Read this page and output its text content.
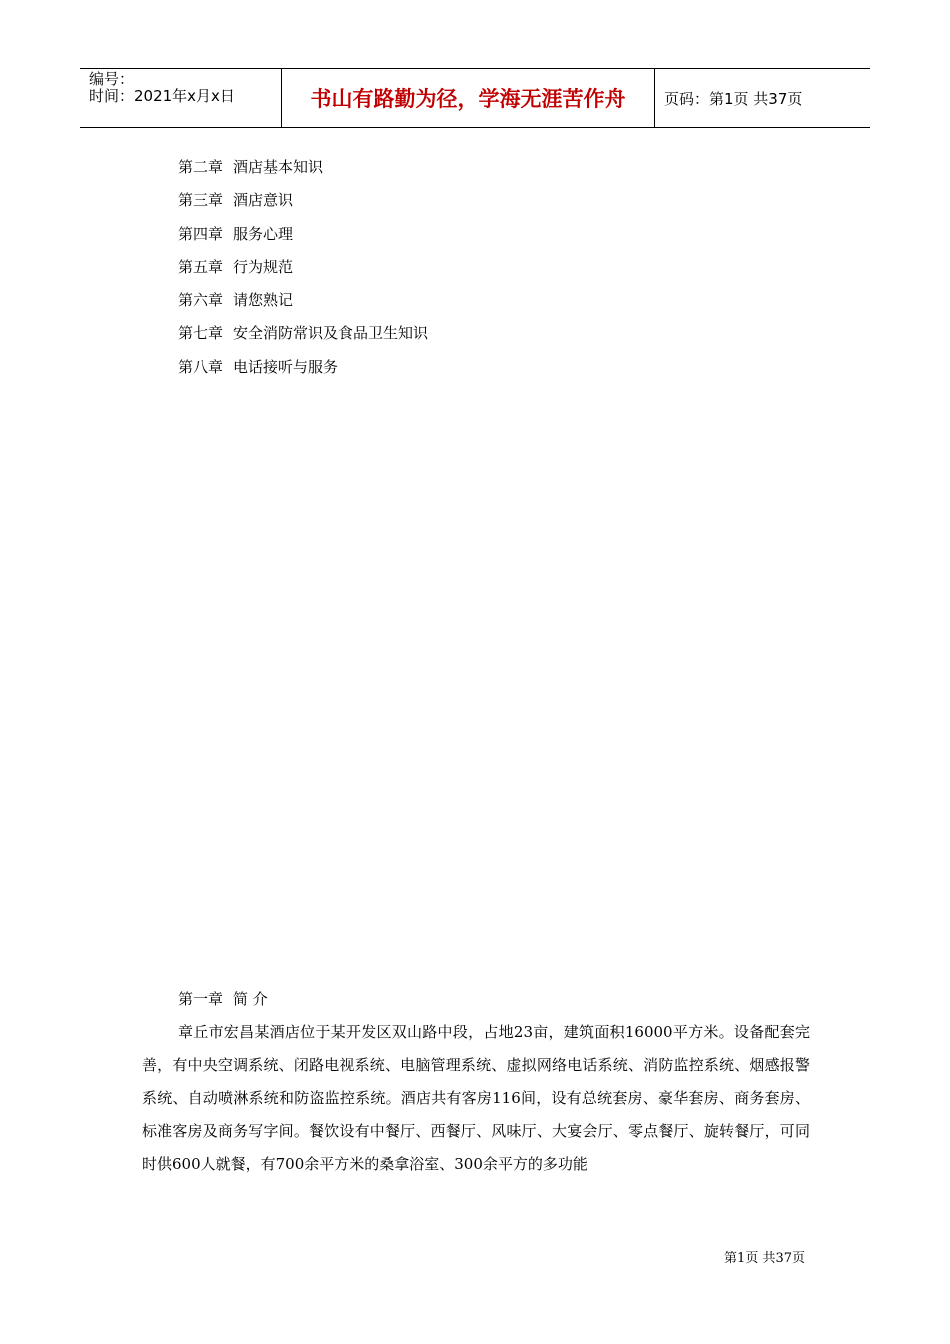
编号：
时间：2021年x月x日	书山有路勤为径，学海无涯苦作舟	页码：第1页 共37页
第二章 酒店基本知识
第三章 酒店意识
第四章 服务心理
第五章 行为规范
第六章 请您熟记
第七章 安全消防常识及食品卫生知识
第八章 电话接听与服务
第一章 简 介

章丘市宏昌某酒店位于某开发区双山路中段，占地23亩，建筑面积16000平方米。设备配套完善，有中央空调系统、闭路电视系统、电脑管理系统、虚拟网络电话系统、消防监控系统、烟感报警系统、自动喷淋系统和防盗监控系统。酒店共有客房116间，设有总统套房、豪华套房、商务套房、标准客房及商务写字间。餐饮设有中餐厅、西餐厅、风味厅、大宴会厅、零点餐厅、旋转餐厅，可同时供600人就餐，有700余平方米的桑拿浴室、300余平方的多功能

第1页 共37页
